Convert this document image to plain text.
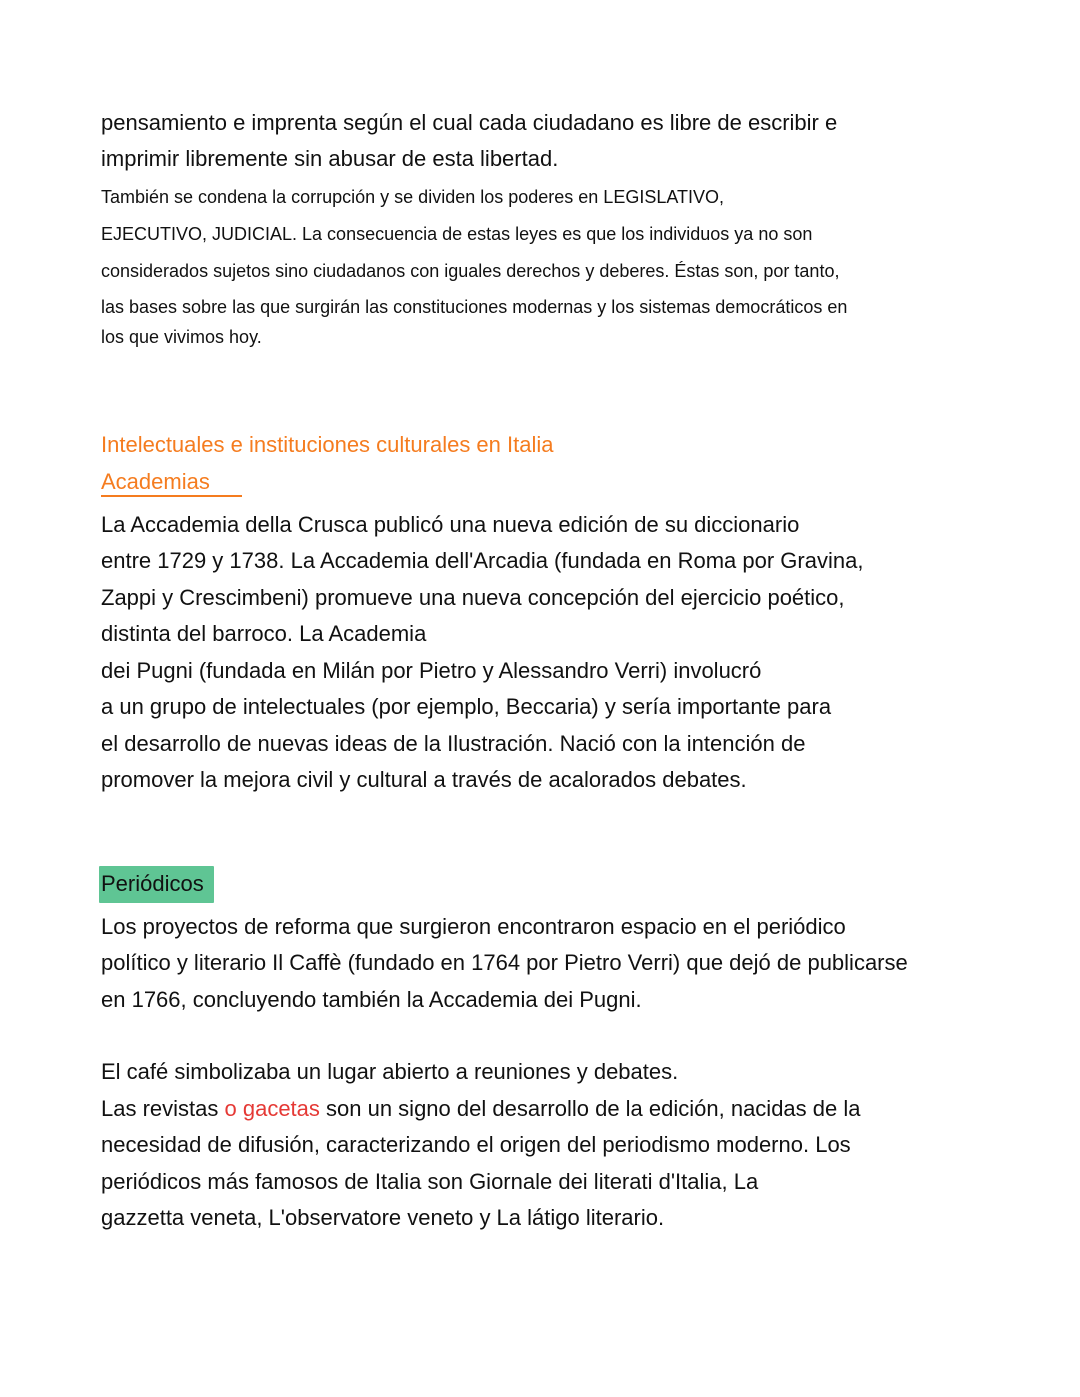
pensamiento e imprenta según el cual cada ciudadano es libre de escribir e

imprimir libremente sin abusar de esta libertad.

También se condena la corrupción y se dividen los poderes en LEGISLATIVO,

EJECUTIVO, JUDICIAL. La consecuencia de estas leyes es que los individuos ya no son

considerados sujetos sino ciudadanos con iguales derechos y deberes. Éstas son, por tanto,

las bases sobre las que surgirán las constituciones modernas y los sistemas democráticos en

los que vivimos hoy.

Intelectuales e instituciones culturales en Italia

Academias

La Accademia della Crusca publicó una nueva edición de su diccionario

entre 1729 y 1738. La Accademia dell'Arcadia (fundada en Roma por Gravina,

Zappi y Crescimbeni) promueve una nueva concepción del ejercicio poético,

distinta del barroco. La Academia

dei Pugni (fundada en Milán por Pietro y Alessandro Verri) involucró

a un grupo de intelectuales (por ejemplo, Beccaria) y sería importante para

el desarrollo de nuevas ideas de la Ilustración. Nació con la intención de

promover la mejora civil y cultural a través de acalorados debates.

Periódicos

Los proyectos de reforma que surgieron encontraron espacio en el periódico

político y literario Il Caffè (fundado en 1764 por Pietro Verri) que dejó de publicarse

en 1766, concluyendo también la Accademia dei Pugni.

El café simbolizaba un lugar abierto a reuniones y debates.

Las revistas o gacetas son un signo del desarrollo de la edición, nacidas de la

necesidad de difusión, caracterizando el origen del periodismo moderno. Los

periódicos más famosos de Italia son Giornale dei literati d'Italia, La

gazzetta veneta, L'observatore veneto y La látigo literario.
